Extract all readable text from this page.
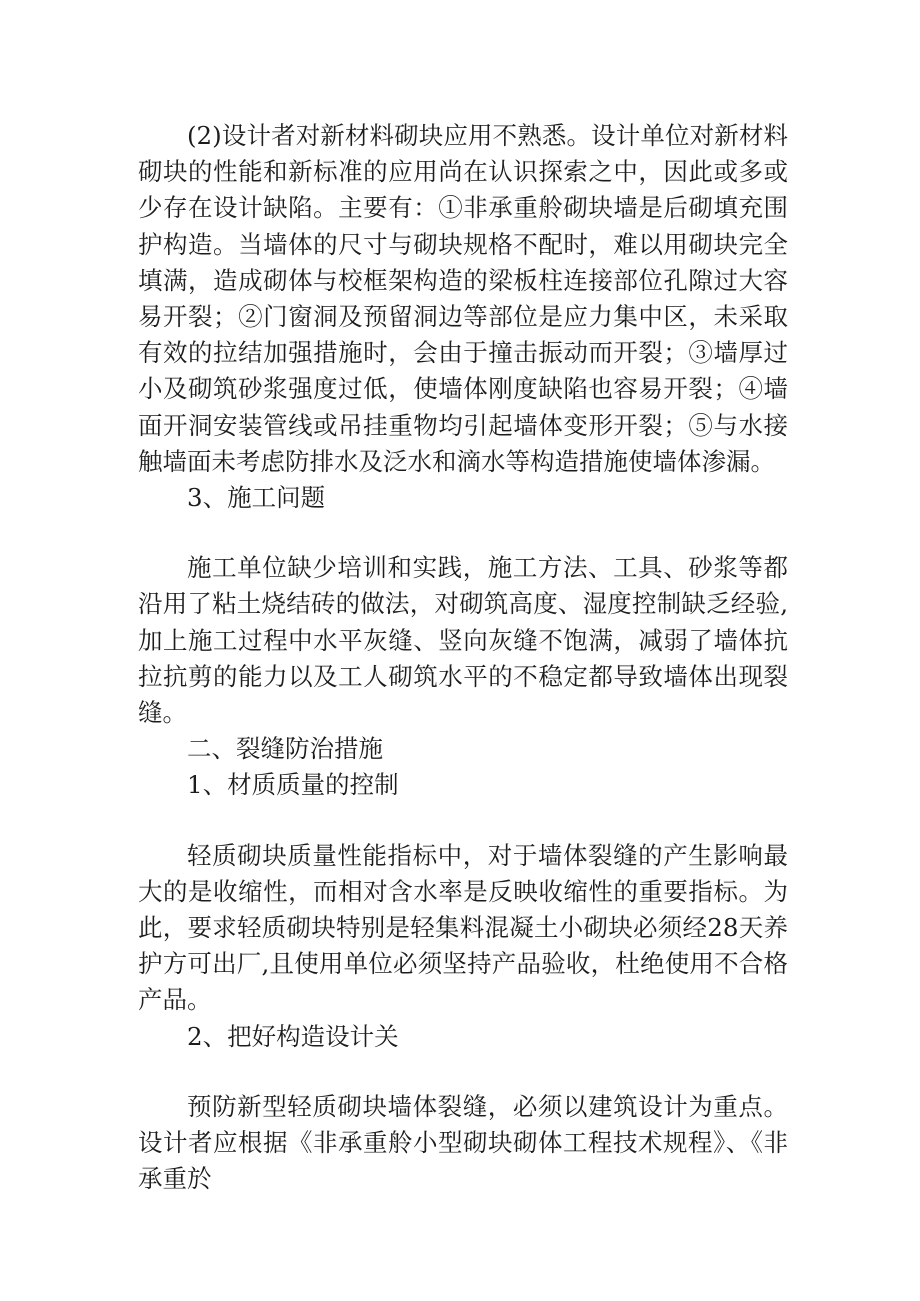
(2)设计者对新材料砌块应用不熟悉。设计单位对新材料砌块的性能和新标准的应用尚在认识探索之中，因此或多或少存在设计缺陷。主要有：①非承重舲砌块墙是后砌填充围护构造。当墙体的尺寸与砌块规格不配时，难以用砌块完全填满，造成砌体与校框架构造的梁板柱连接部位孔隙过大容易开裂；②门窗洞及预留洞边等部位是应力集中区，未采取有效的拉结加强措施时，会由于撞击振动而开裂；③墙厚过小及砌筑砂浆强度过低，使墙体刚度缺陷也容易开裂；④墙面开洞安装管线或吊挂重物均引起墙体变形开裂；⑤与水接触墙面未考虑防排水及泛水和滴水等构造措施使墙体渗漏。

3、施工问题

施工单位缺少培训和实践，施工方法、工具、砂浆等都沿用了粘土烧结砖的做法，对砌筑高度、湿度控制缺乏经验,加上施工过程中水平灰缝、竖向灰缝不饱满，减弱了墙体抗拉抗剪的能力以及工人砌筑水平的不稳定都导致墙体出现裂缝。

二、裂缝防治措施

1、材质质量的控制

轻质砌块质量性能指标中，对于墙体裂缝的产生影响最大的是收缩性，而相对含水率是反映收缩性的重要指标。为此，要求轻质砌块特别是轻集料混凝土小砌块必须经28天养护方可出厂,且使用单位必须坚持产品验收，杜绝使用不合格产品。

2、把好构造设计关

预防新型轻质砌块墙体裂缝，必须以建筑设计为重点。设计者应根据《非承重舲小型砌块砌体工程技术规程》、《非承重於
